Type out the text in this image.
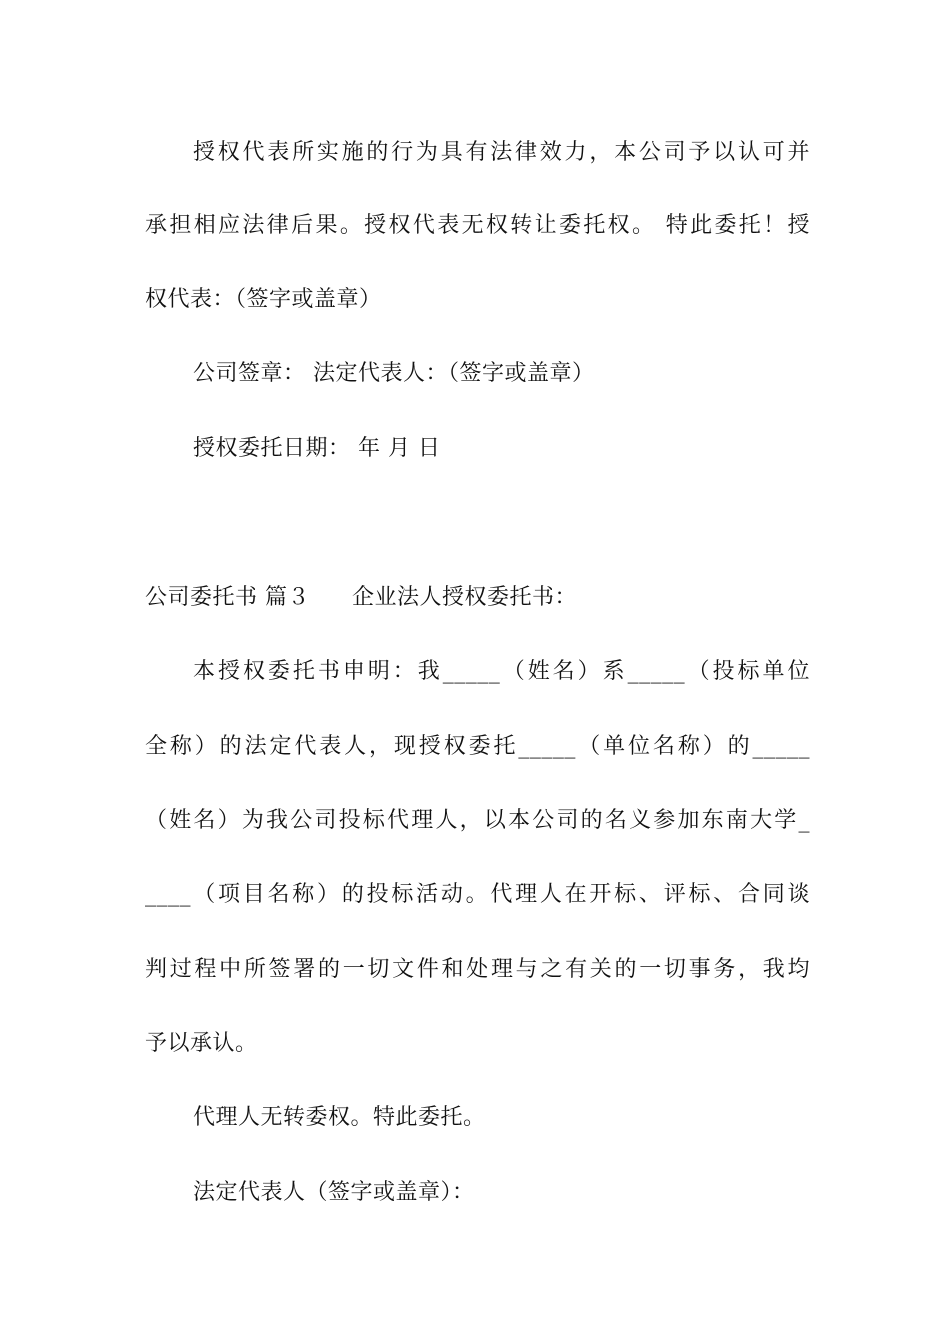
授权代表所实施的行为具有法律效力，本公司予以认可并
承担相应法律后果。授权代表无权转让委托权。 特此委托！授
权代表：（签字或盖章）
公司签章： 法定代表人：（签字或盖章）
授权委托日期： 年 月 日
公司委托书 篇３ 企业法人授权委托书：
本授权委托书申明：我_____（姓名）系_____（投标单位
全称）的法定代表人，现授权委托_____（单位名称）的_____
（姓名）为我公司投标代理人，以本公司的名义参加东南大学_
____（项目名称）的投标活动。代理人在开标、评标、合同谈
判过程中所签署的一切文件和处理与之有关的一切事务，我均
予以承认。
代理人无转委权。特此委托。
法定代表人（签字或盖章）：
